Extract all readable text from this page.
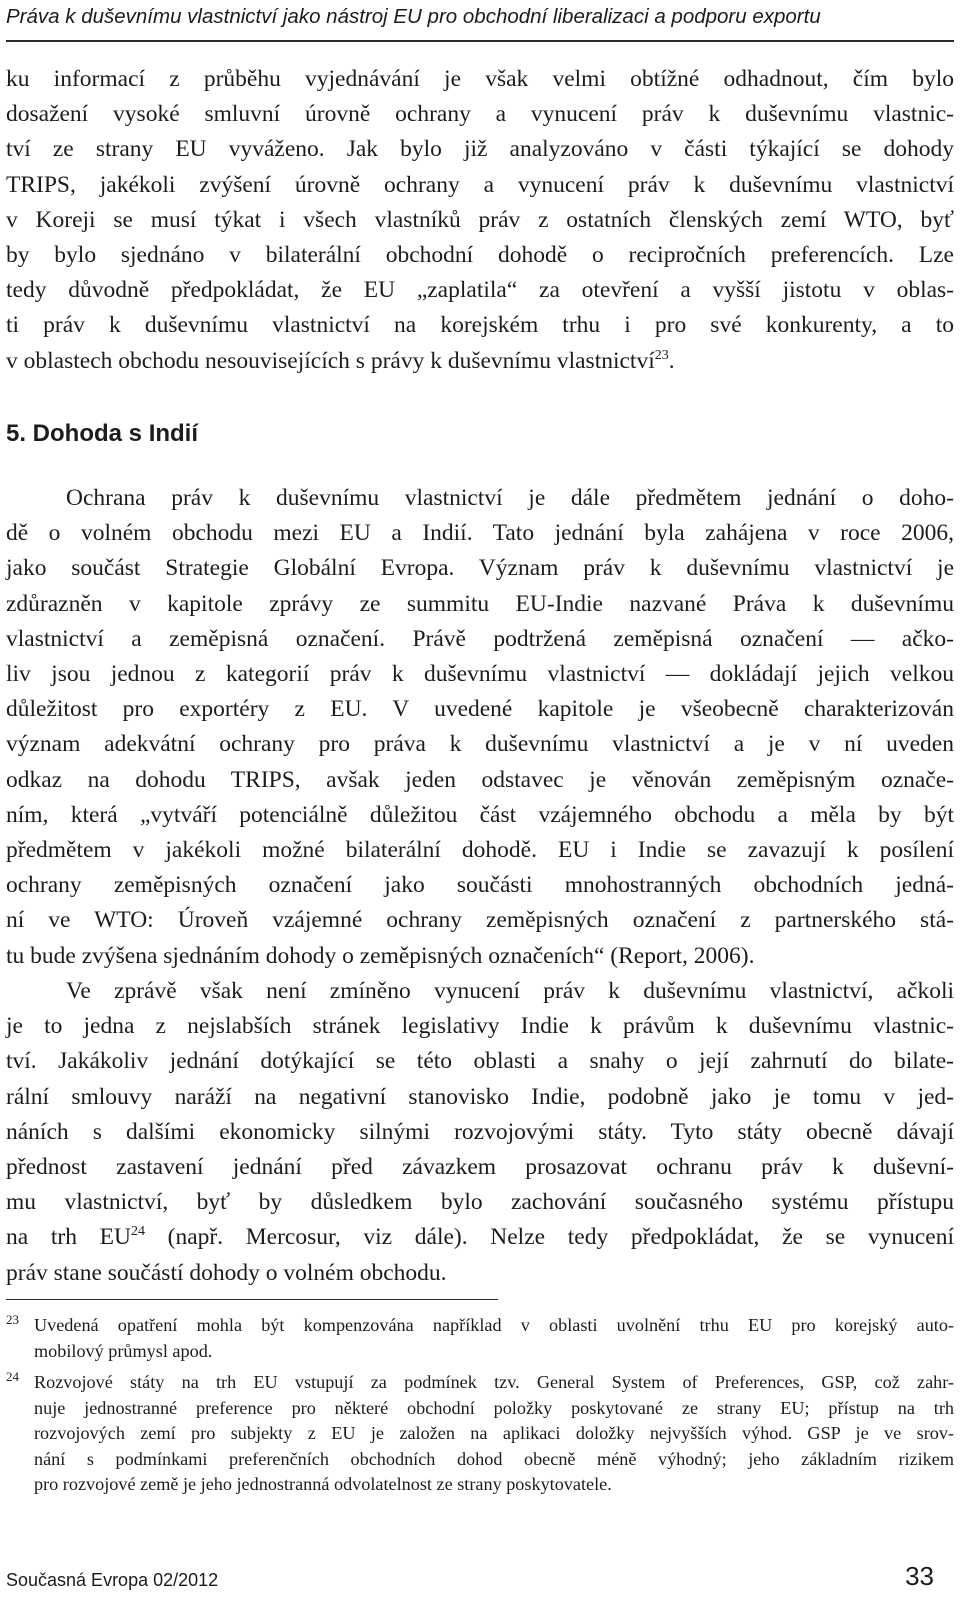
Práva k duševnímu vlastnictví jako nástroj EU pro obchodní liberalizaci a podporu exportu
ku informací z průběhu vyjednávání je však velmi obtížné odhadnout, čím bylo
dosažení vysoké smluvní úrovně ochrany a vynucení práv k duševnímu vlastnic-
tví ze strany EU vyváženo. Jak bylo již analyzováno v části týkající se dohody
TRIPS, jakékoli zvýšení úrovně ochrany a vynucení práv k duševnímu vlastnictví
v Koreji se musí týkat i všech vlastníků práv z ostatních členských zemí WTO, byť
by bylo sjednáno v bilaterální obchodní dohodě o recipročních preferencích. Lze
tedy důvodně předpokládat, že EU „zaplatila“ za otevření a vyšší jistotu v oblas-
ti práv k duševnímu vlastnictví na korejském trhu i pro své konkurenty, a to
v oblastech obchodu nesouvisejících s právy k duševnímu vlastnictví$^{23}$.
5. Dohoda s Indií
Ochrana práv k duševnímu vlastnictví je dále předmětem jednání o doho-
dě o volném obchodu mezi EU a Indií. Tato jednání byla zahájena v roce 2006,
jako součást Strategie Globální Evropa. Význam práv k duševnímu vlastnictví je
zdůrazněn v kapitole zprávy ze summitu EU-Indie nazvané Práva k duševnímu
vlastnictví a zeměpisná označení. Právě podtržená zeměpisná označení — ačko-
liv jsou jednou z kategorií práv k duševnímu vlastnictví — dokládají jejich velkou
důležitost pro exportéry z EU. V uvedené kapitole je všeobecně charakterizován
význam adekvátní ochrany pro práva k duševnímu vlastnictví a je v ní uveden
odkaz na dohodu TRIPS, avšak jeden odstavec je věnován zeměpisným označe-
ním, která „vytváří potenciálně důležitou část vzájemného obchodu a měla by být
předmětem v jakékoli možné bilaterální dohodě. EU i Indie se zavazují k posílení
ochrany zeměpisných označení jako součásti mnohostranných obchodních jedná-
ní ve WTO: Úroveň vzájemné ochrany zeměpisných označení z partnerského stá-
tu bude zvýšena sjednáním dohody o zeměpisných označeních“ (Report, 2006).
Ve zprávě však není zmíněno vynucení práv k duševnímu vlastnictví, ačkoli
je to jedna z nejslabších stránek legislativy Indie k právům k duševnímu vlastnic-
tví. Jakákoliv jednání dotýkající se této oblasti a snahy o její zahrnutí do bilate-
rální smlouvy naráží na negativní stanovisko Indie, podobně jako je tomu v jed-
náních s dalšími ekonomicky silnými rozvojovými státy. Tyto státy obecně dávají
přednost zastavení jednání před závazkem prosazovat ochranu práv k duševní-
mu vlastnictví, byť by důsledkem bylo zachování současného systému přístupu
na trh EU$^{24}$ (např. Mercosur, viz dále). Nelze tedy předpokládat, že se vynucení
práv stane součástí dohody o volném obchodu.
23 Uvedená opatření mohla být kompenzována například v oblasti uvolnění trhu EU pro korejský auto-
mobilový průmysl apod.
24 Rozvojové státy na trh EU vstupují za podmínek tzv. General System of Preferences, GSP, což zahr-
nuje jednostranné preference pro některé obchodní položky poskytované ze strany EU; přístup na trh
rozvojových zemí pro subjekty z EU je založen na aplikaci doložky nejvyšších výhod. GSP je ve srov-
nání s podmínkami preferenčních obchodních dohod obecně méně výhodný; jeho základním rizikem
pro rozvojové země je jeho jednostranná odvolatelnost ze strany poskytovatele.
Současná Evropa 02/2012	33
